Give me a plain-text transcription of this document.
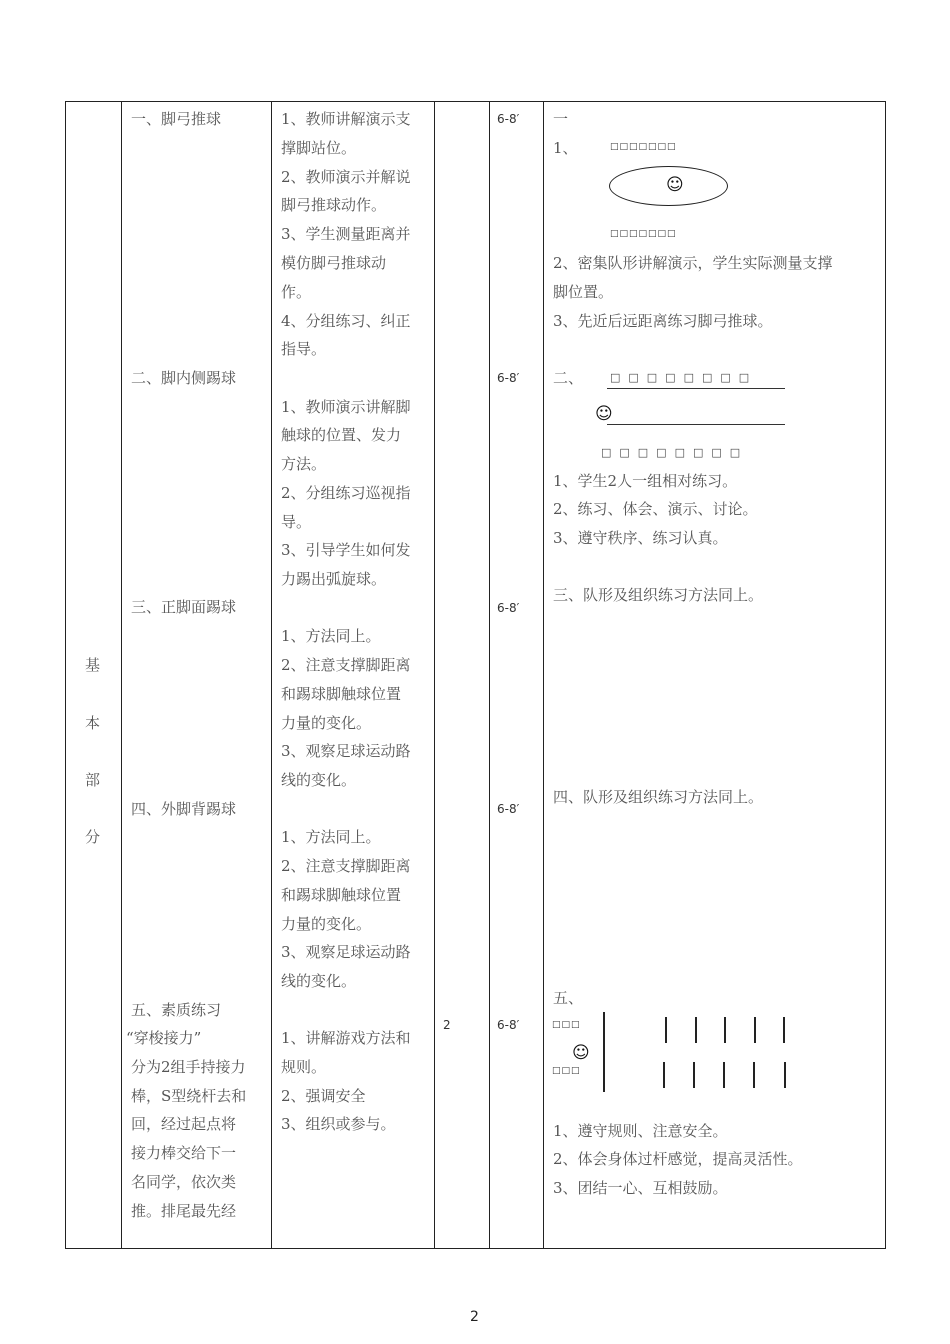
基
本
部
分
一、脚弓推球
二、脚内侧踢球
三、正脚面踢球
四、外脚背踢球
五、素质练习
“穿梭接力”
分为2组手持接力
棒，S型绕杆去和
回，经过起点将
接力棒交给下一
名同学，依次类
推。排尾最先经
1、教师讲解演示支
撑脚站位。
2、教师演示并解说
脚弓推球动作。
3、学生测量距离并
模仿脚弓推球动
作。
4、分组练习、纠正
指导。
1、教师演示讲解脚
触球的位置、发力
方法。
2、分组练习巡视指
导。
3、引导学生如何发
力踢出弧旋球。
1、方法同上。
2、注意支撑脚距离
和踢球脚触球位置
力量的变化。
3、观察足球运动路
线的变化。
1、方法同上。
2、注意支撑脚距离
和踢球脚触球位置
力量的变化。
3、观察足球运动路
线的变化。
1、讲解游戏方法和
规则。
2、强调安全
3、组织或参与。
2
6-8′
6-8′
6-8′
6-8′
6-8′
一
1、	□□□□□□□
☺
□□□□□□□
2、密集队形讲解演示，学生实际测量支撑
脚位置。
3、先近后远距离练习脚弓推球。
二、 □□□□□□□□
☺
□□□□□□□□
1、学生2人一组相对练习。
2、练习、体会、演示、讨论。
3、遵守秩序、练习认真。
三、队形及组织练习方法同上。
四、队形及组织练习方法同上。
五、
□□□
☺
□□□
1、遵守规则、注意安全。
2、体会身体过杆感觉，提高灵活性。
3、团结一心、互相鼓励。
2
